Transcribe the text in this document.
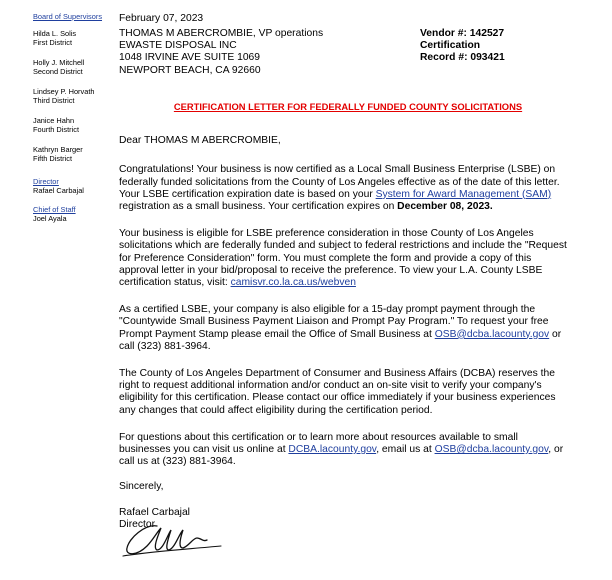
Board of Supervisors
Hilda L. Solis
First District
Holly J. Mitchell
Second District
Lindsey P. Horvath
Third District
Janice Hahn
Fourth District
Kathryn Barger
Fifth District
Director
Rafael Carbajal
Chief of Staff
Joel Ayala
February 07, 2023
THOMAS M ABERCROMBIE, VP operations
EWASTE DISPOSAL INC
1048 IRVINE AVE SUITE 1069
NEWPORT BEACH, CA 92660
Vendor #: 142527
Certification
Record #: 093421
CERTIFICATION LETTER FOR FEDERALLY FUNDED COUNTY SOLICITATIONS
Dear THOMAS M ABERCROMBIE,

Congratulations! Your business is now certified as a Local Small Business Enterprise (LSBE) on federally funded solicitations from the County of Los Angeles effective as of the date of this letter. Your LSBE certification expiration date is based on your System for Award Management (SAM) registration as a small business. Your certification expires on December 08, 2023.

Your business is eligible for LSBE preference consideration in those County of Los Angeles solicitations which are federally funded and subject to federal restrictions and include the "Request for Preference Consideration" form. You must complete the form and provide a copy of this approval letter in your bid/proposal to receive the preference. To view your L.A. County LSBE certification status, visit: camisvr.co.la.ca.us/webven

As a certified LSBE, your company is also eligible for a 15-day prompt payment through the "Countywide Small Business Payment Liaison and Prompt Pay Program." To request your free Prompt Payment Stamp please email the Office of Small Business at OSB@dcba.lacounty.gov or call (323) 881-3964.

The County of Los Angeles Department of Consumer and Business Affairs (DCBA) reserves the right to request additional information and/or conduct an on-site visit to verify your company's eligibility for this certification. Please contact our office immediately if your business experiences any changes that could affect eligibility during the certification period.

For questions about this certification or to learn more about resources available to small businesses you can visit us online at DCBA.lacounty.gov, email us at OSB@dcba.lacounty.gov, or call us at (323) 881-3964.

Sincerely,
Rafael Carbajal
Director
